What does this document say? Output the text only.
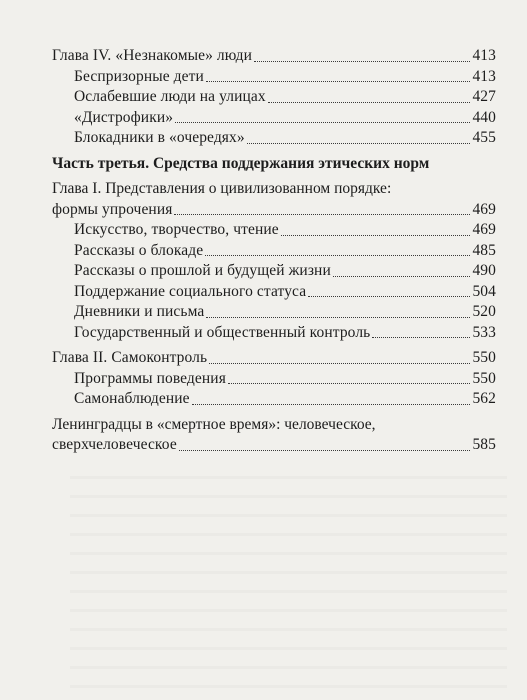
Глава IV. «Незнакомые» люди	413
Беспризорные дети	413
Ослабевшие люди на улицах	427
«Дистрофики»	440
Блокадники в «очередях»	455
Часть третья. Средства поддержания этических норм
Глава I. Представления о цивилизованном порядке:
формы упрочения	469
Искусство, творчество, чтение	469
Рассказы о блокаде	485
Рассказы о прошлой и будущей жизни	490
Поддержание социального статуса	504
Дневники и письма	520
Государственный и общественный контроль	533
Глава II. Самоконтроль	550
Программы поведения	550
Самонаблюдение	562
Ленинградцы в «смертное время»: человеческое,
сверхчеловеческое	585
